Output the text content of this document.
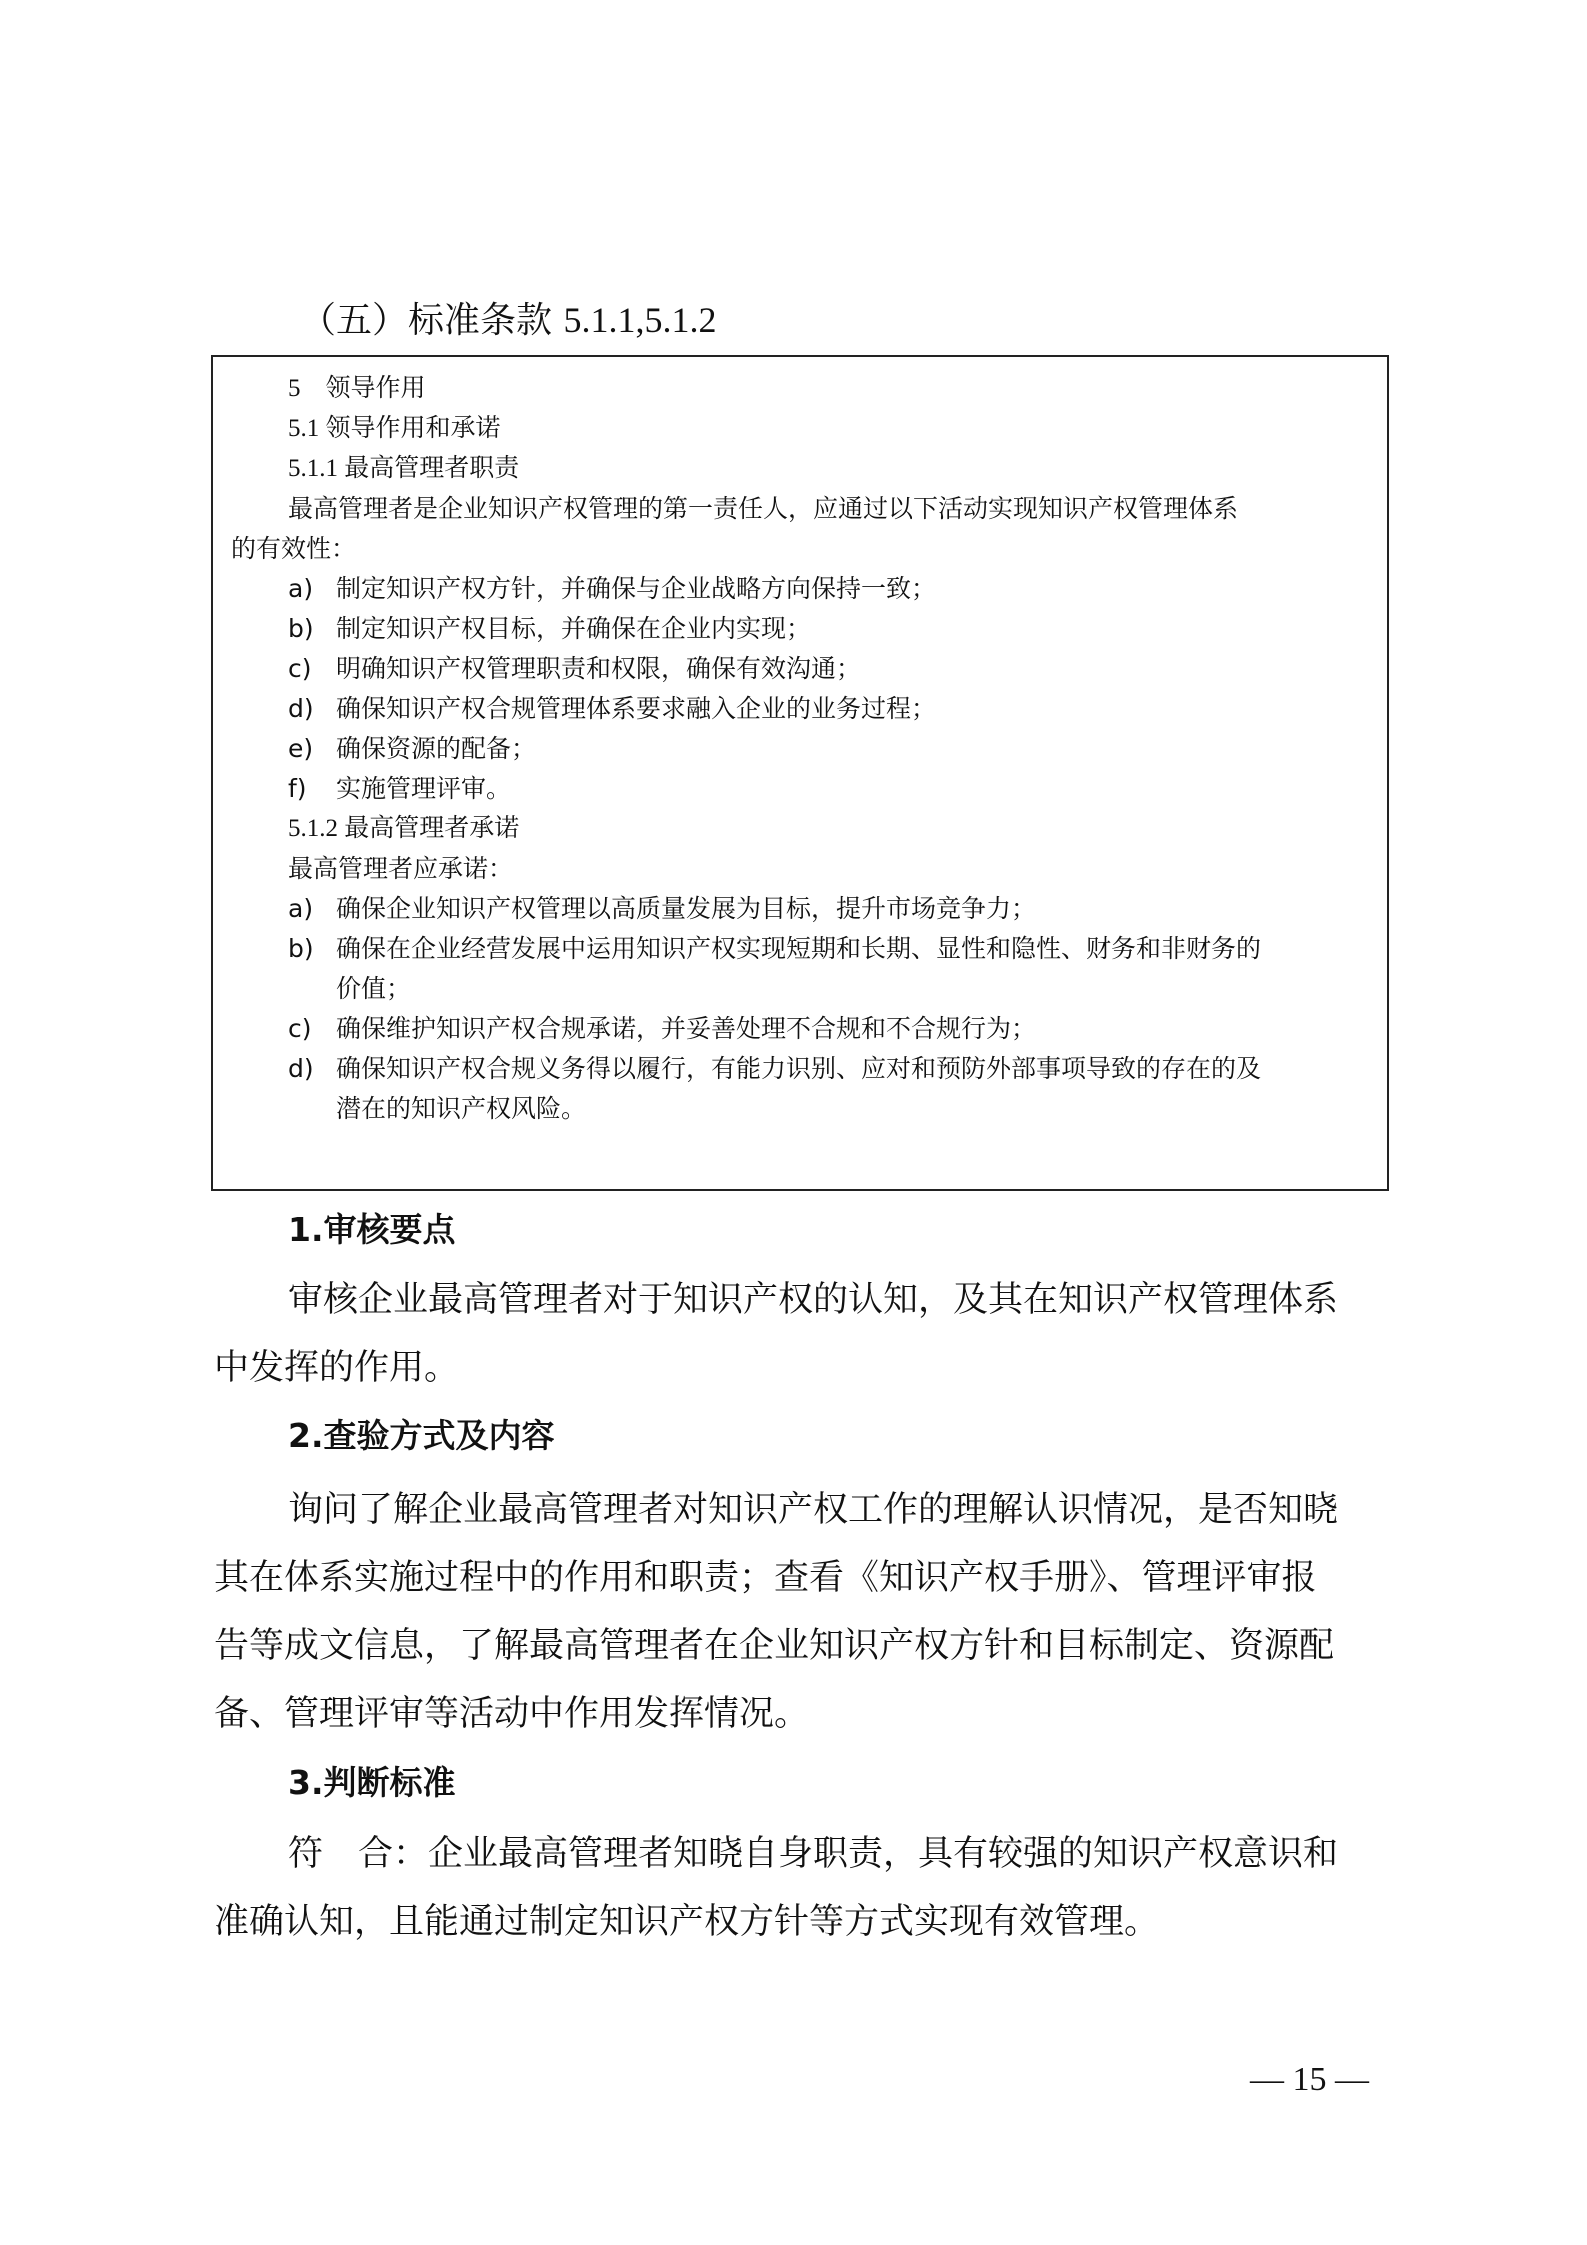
（五）标准条款 5.1.1,5.1.2
5　领导作用
5.1 领导作用和承诺
5.1.1 最高管理者职责
最高管理者是企业知识产权管理的第一责任人，应通过以下活动实现知识产权管理体系
的有效性：
a) 制定知识产权方针，并确保与企业战略方向保持一致；
b) 制定知识产权目标，并确保在企业内实现；
c) 明确知识产权管理职责和权限，确保有效沟通；
d) 确保知识产权合规管理体系要求融入企业的业务过程；
e) 确保资源的配备；
f) 实施管理评审。
5.1.2 最高管理者承诺
最高管理者应承诺：
a) 确保企业知识产权管理以高质量发展为目标，提升市场竞争力；
b) 确保在企业经营发展中运用知识产权实现短期和长期、显性和隐性、财务和非财务的
价值；
c) 确保维护知识产权合规承诺，并妥善处理不合规和不合规行为；
d) 确保知识产权合规义务得以履行，有能力识别、应对和预防外部事项导致的存在的及
潜在的知识产权风险。
1.审核要点
审核企业最高管理者对于知识产权的认知，及其在知识产权管理体系
中发挥的作用。
2.查验方式及内容
询问了解企业最高管理者对知识产权工作的理解认识情况，是否知晓
其在体系实施过程中的作用和职责；查看《知识产权手册》、管理评审报
告等成文信息，了解最高管理者在企业知识产权方针和目标制定、资源配
备、管理评审等活动中作用发挥情况。
3.判断标准
符　合：企业最高管理者知晓自身职责，具有较强的知识产权意识和
准确认知，且能通过制定知识产权方针等方式实现有效管理。
— 15 —
